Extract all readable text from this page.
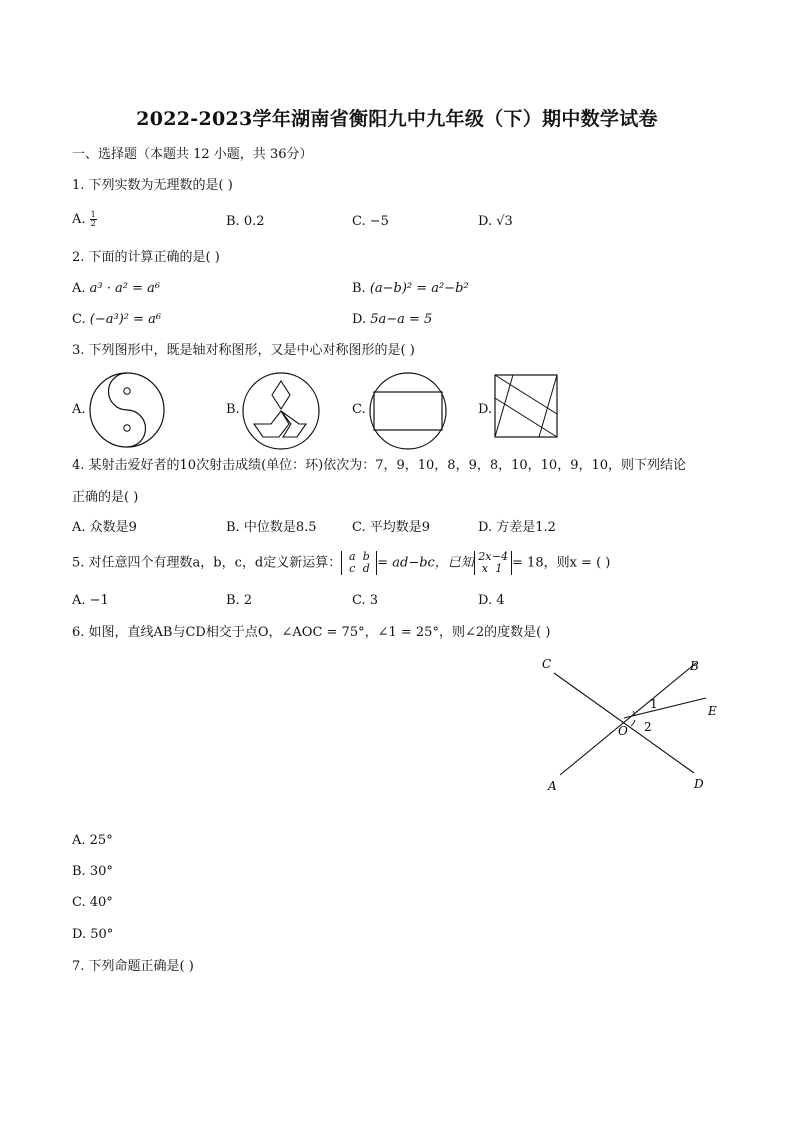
2022-2023学年湖南省衡阳九中九年级（下）期中数学试卷
一、选择题（本题共 12 小题，共 36分）
1. 下列实数为无理数的是( )
A. $\frac{1}{2}$	B. 0.2	C. −5	D. √3
2. 下面的计算正确的是( )
A. a³ · a² = a⁶	B. (a−b)² = a²−b²
C. (−a³)² = a⁶	D. 5a−a = 5
3. 下列图形中，既是轴对称图形，又是中心对称图形的是( )
A.	B.	C.	D.
4. 某射击爱好者的10次射击成绩(单位：环)依次为：7，9，10，8，9，8，10，10，9，10，则下列结论
正确的是( )
A. 众数是9	B. 中位数是8.5	C. 平均数是9	D. 方差是1.2
5. 对任意四个有理数a，b，c，d定义新运算： a b
c d = ad−bc，已知 2x−4
x 1 = 18，则x = ( )
A. −1	B. 2	C. 3	D. 4
6. 如图，直线AB与CD相交于点O，∠AOC = 75°，∠1 = 25°，则∠2的度数是( )
C	B
E
O
A	D
1
2
A. 25°
B. 30°
C. 40°
D. 50°
7. 下列命题正确是( )
